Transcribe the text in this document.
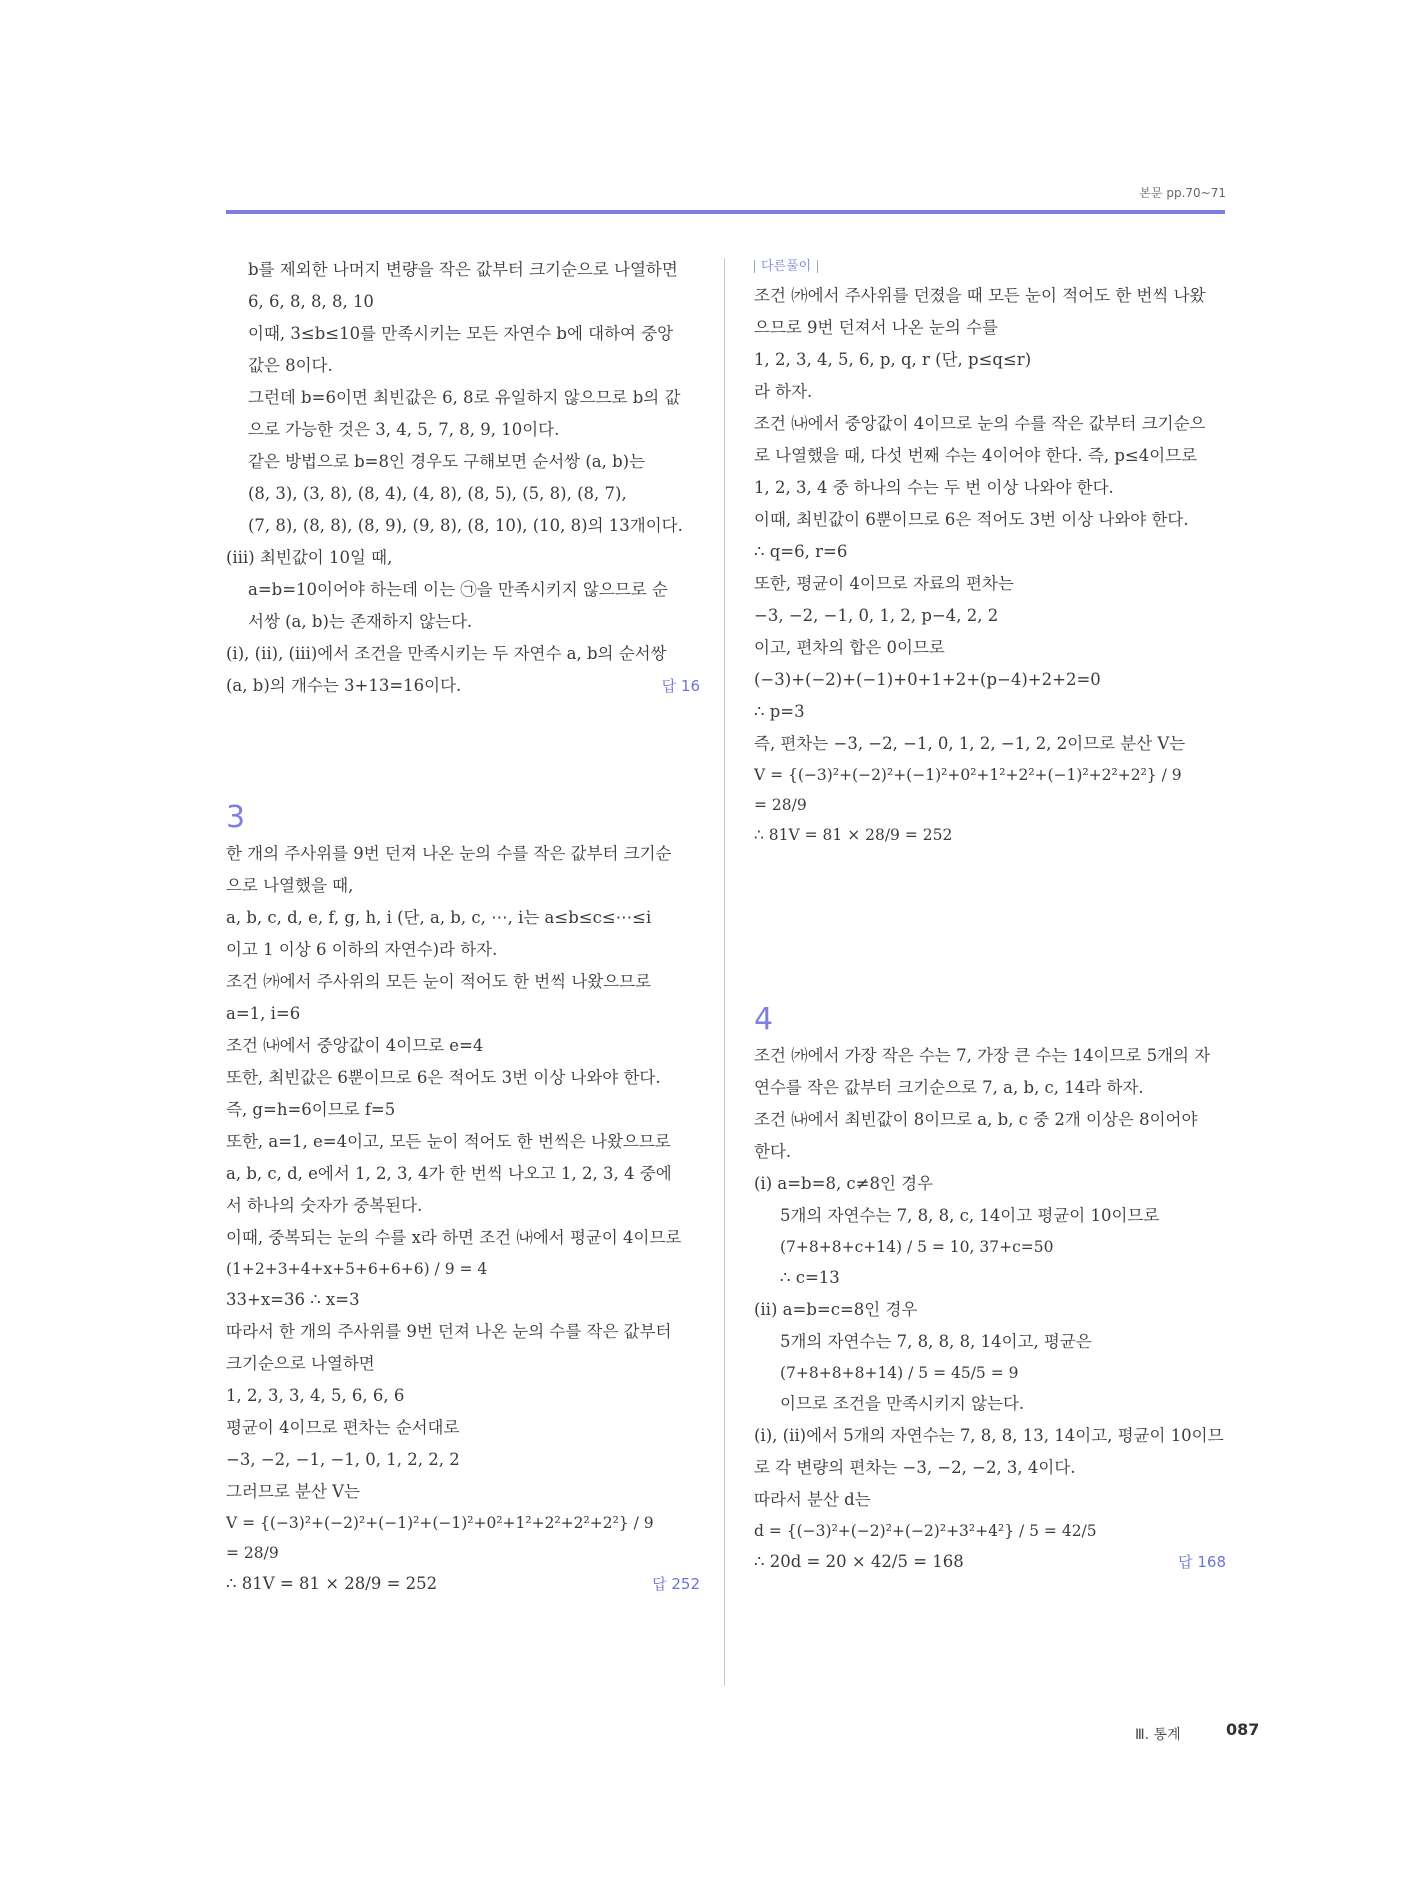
본문 pp.70~71
b를 제외한 나머지 변량을 작은 값부터 크기순으로 나열하면
6, 6, 8, 8, 8, 10
이때, 3≤b≤10를 만족시키는 모든 자연수 b에 대하여 중앙
값은 8이다.
그런데 b=6이면 최빈값은 6, 8로 유일하지 않으므로 b의 값
으로 가능한 것은 3, 4, 5, 7, 8, 9, 10이다.
같은 방법으로 b=8인 경우도 구해보면 순서쌍 (a, b)는
(8, 3), (3, 8), (8, 4), (4, 8), (8, 5), (5, 8), (8, 7),
(7, 8), (8, 8), (8, 9), (9, 8), (8, 10), (10, 8)의 13개이다.
(ⅲ) 최빈값이 10일 때,
a=b=10이어야 하는데 이는 ㉠을 만족시키지 않으므로 순
서쌍 (a, b)는 존재하지 않는다.
(ⅰ), (ⅱ), (ⅲ)에서 조건을 만족시키는 두 자연수 a, b의 순서쌍
(a, b)의 개수는 3+13=16이다.	답 16
3
한 개의 주사위를 9번 던져 나온 눈의 수를 작은 값부터 크기순
으로 나열했을 때,
a, b, c, d, e, f, g, h, i (단, a, b, c, ⋯, i는 a≤b≤c≤⋯≤i
이고 1 이상 6 이하의 자연수)라 하자.
조건 ㈎에서 주사위의 모든 눈이 적어도 한 번씩 나왔으므로
a=1, i=6
조건 ㈏에서 중앙값이 4이므로 e=4
또한, 최빈값은 6뿐이므로 6은 적어도 3번 이상 나와야 한다.
즉, g=h=6이므로 f=5
또한, a=1, e=4이고, 모든 눈이 적어도 한 번씩은 나왔으므로
a, b, c, d, e에서 1, 2, 3, 4가 한 번씩 나오고 1, 2, 3, 4 중에
서 하나의 숫자가 중복된다.
이때, 중복되는 눈의 수를 x라 하면 조건 ㈏에서 평균이 4이므로
(1+2+3+4+x+5+6+6+6) / 9 = 4
33+x=36 ∴ x=3
따라서 한 개의 주사위를 9번 던져 나온 눈의 수를 작은 값부터
크기순으로 나열하면
1, 2, 3, 3, 4, 5, 6, 6, 6
평균이 4이므로 편차는 순서대로
−3, −2, −1, −1, 0, 1, 2, 2, 2
그러므로 분산 V는
V = {(−3)²+(−2)²+(−1)²+(−1)²+0²+1²+2²+2²+2²} / 9
= 28/9
∴ 81V = 81 × 28/9 = 252	답 252
다른풀이
조건 ㈎에서 주사위를 던졌을 때 모든 눈이 적어도 한 번씩 나왔
으므로 9번 던져서 나온 눈의 수를
1, 2, 3, 4, 5, 6, p, q, r (단, p≤q≤r)
라 하자.
조건 ㈏에서 중앙값이 4이므로 눈의 수를 작은 값부터 크기순으
로 나열했을 때, 다섯 번째 수는 4이어야 한다. 즉, p≤4이므로
1, 2, 3, 4 중 하나의 수는 두 번 이상 나와야 한다.
이때, 최빈값이 6뿐이므로 6은 적어도 3번 이상 나와야 한다.
∴ q=6, r=6
또한, 평균이 4이므로 자료의 편차는
−3, −2, −1, 0, 1, 2, p−4, 2, 2
이고, 편차의 합은 0이므로
(−3)+(−2)+(−1)+0+1+2+(p−4)+2+2=0
∴ p=3
즉, 편차는 −3, −2, −1, 0, 1, 2, −1, 2, 2이므로 분산 V는
V = {(−3)²+(−2)²+(−1)²+0²+1²+2²+(−1)²+2²+2²} / 9
= 28/9
∴ 81V = 81 × 28/9 = 252
4
조건 ㈎에서 가장 작은 수는 7, 가장 큰 수는 14이므로 5개의 자
연수를 작은 값부터 크기순으로 7, a, b, c, 14라 하자.
조건 ㈏에서 최빈값이 8이므로 a, b, c 중 2개 이상은 8이어야
한다.
(ⅰ) a=b=8, c≠8인 경우
5개의 자연수는 7, 8, 8, c, 14이고 평균이 10이므로
(7+8+8+c+14) / 5 = 10, 37+c=50
∴ c=13
(ⅱ) a=b=c=8인 경우
5개의 자연수는 7, 8, 8, 8, 14이고, 평균은
(7+8+8+8+14) / 5 = 45/5 = 9
이므로 조건을 만족시키지 않는다.
(ⅰ), (ⅱ)에서 5개의 자연수는 7, 8, 8, 13, 14이고, 평균이 10이므
로 각 변량의 편차는 −3, −2, −2, 3, 4이다.
따라서 분산 d는
d = {(−3)²+(−2)²+(−2)²+3²+4²} / 5 = 42/5
∴ 20d = 20 × 42/5 = 168	답 168
Ⅲ. 통계	087
